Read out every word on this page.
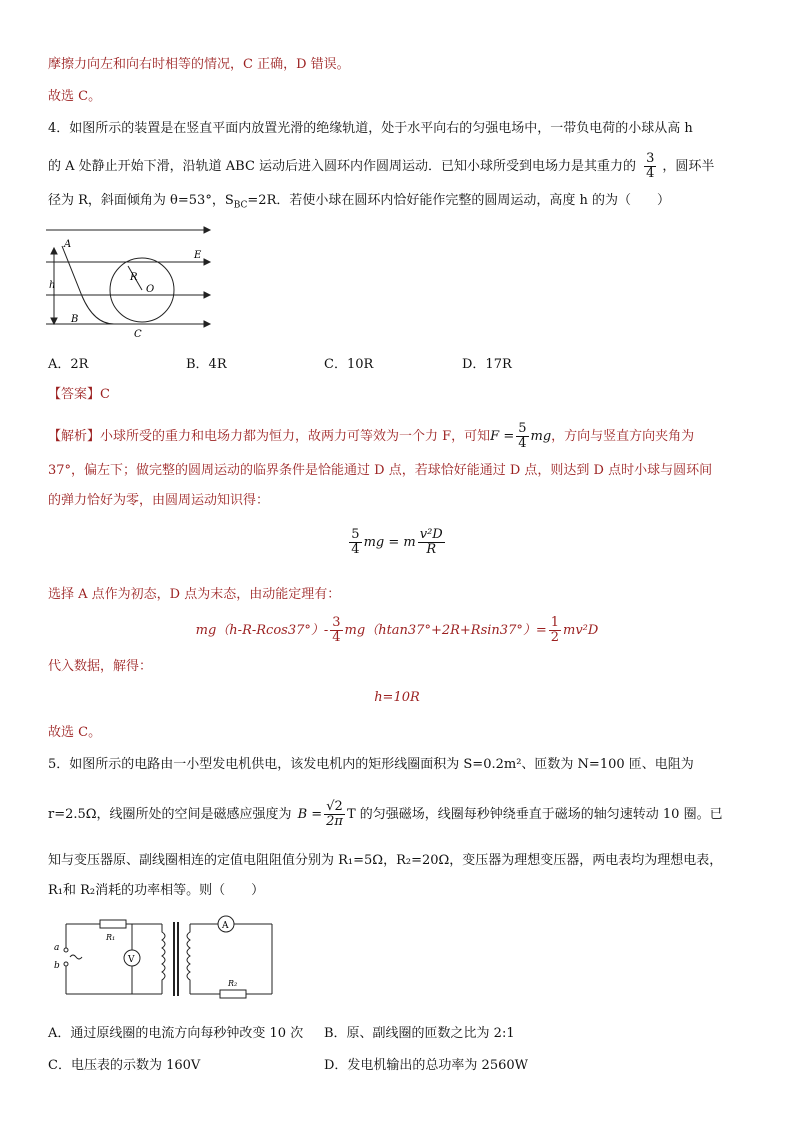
摩擦力向左和向右时相等的情况，C 正确，D 错误。
故选 C。
4．如图所示的装置是在竖直平面内放置光滑的绝缘轨道，处于水平向右的匀强电场中，一带负电荷的小球从高 h
的 A 处静止开始下滑，沿轨道 ABC 运动后进入圆环内作圆周运动．已知小球所受到电场力是其重力的 $\frac{3}{4}$ ，圆环半
径为 R，斜面倾角为 θ=53°，$S_{BC}=2R$．若使小球在圆环内恰好能作完整的圆周运动，高度 h 的为（　　）
A
E
R
O
h
B
C
A．2R	B．4R	C．10R	D．17R
【答案】C
【解析】小球所受的重力和电场力都为恒力，故两力可等效为一个力 F，可知$F = \frac{5}{4}$ mg，方向与竖直方向夹角为
37°，偏左下；做完整的圆周运动的临界条件是恰能通过 D 点，若球恰好能通过 D 点，则达到 D 点时小球与圆环间
的弹力恰好为零，由圆周运动知识得：
$\frac{5}{4}$ mg = m $\frac{\text{v²D}}{R}$
选择 A 点作为初态，D 点为末态，由动能定理有：
$mg(h-R-Rcos37^\circ)- \frac{3}{4} mg(htan37^\circ+2R+Rsin37^\circ)= \frac{1}{2} mv^2D$
代入数据，解得：
h=10R
故选 C。
5．如图所示的电路由一小型发电机供电，该发电机内的矩形线圈面积为 S=0.2m²、匝数为 N=100 匝、电阻为
r=2.5Ω，线圈所处的空间是磁感应强度为 $B = \frac{√2}{2\pi}$ T 的匀强磁场，线圈每秒钟绕垂直于磁场的轴匀速转动 10 圈。已
知与变压器原、副线圈相连的定值电阻阻值分别为 R₁=5Ω，R₂=20Ω，变压器为理想变压器，两电表均为理想电表，
R₁和 R₂消耗的功率相等。则（　　）
a
b
R₁
V
A
R₂
A．通过原线圈的电流方向每秒钟改变 10 次 B．原、副线圈的匝数之比为 2:1
C．电压表的示数为 160V	D．发电机输出的总功率为 2560W
